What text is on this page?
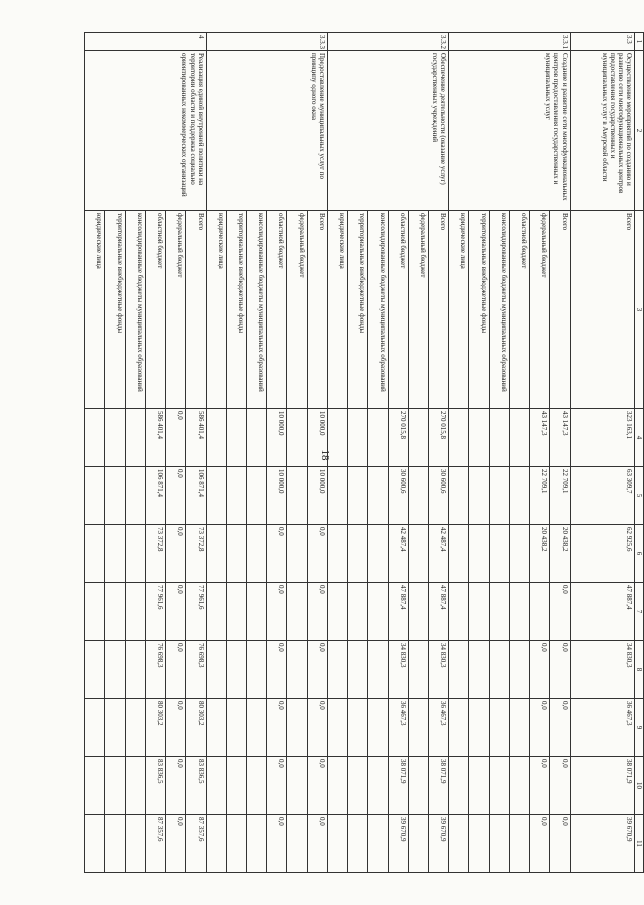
18
1	2	3	4	5	6	7	8	9	10	11
3.3	Осуществление мероприятий по созданию и развитию сети многофункциональных центров предоставления государственных и муниципальных услуг в Амурской области	Всего	323 163,1	63 309,7	62 925,6	47 887,4	34 830,3	36 467,3	38 071,9	39 670,9
3.3.1	Создание и развитие сети многофункциональных центров предоставления государственных и муниципальных услуг	Всего	43 147,3	22 709,1	20 438,2	0,0	0,0	0,0	0,0	0,0
		федеральный бюджет	43 147,3	22 709,1	20 438,2		0,0	0,0	0,0	0,0
		областной бюджет								
		консолидированные бюджеты муниципальных образований								
		территориальные внебюджетные фонды								
		юридические лица								
3.3.2	Обеспечение деятельности (оказание услуг) государственных учреждений	Всего	270 015,8	30 600,6	42 487,4	47 887,4	34 830,3	36 467,3	38 071,9	39 670,9
		федеральный бюджет								
		областной бюджет	270 015,8	30 600,6	42 487,4	47 887,4	34 830,3	36 467,3	38 071,9	39 670,9
		консолидированные бюджеты муниципальных образований								
		территориальные внебюджетные фонды								
		юридические лица								
3.3.3	Предоставление муниципальных услуг по принципу одного окна	Всего	10 000,0	10 000,0	0,0	0,0	0,0	0,0	0,0	0,0
		федеральный бюджет								
		областной бюджет	10 000,0	10 000,0	0,0	0,0	0,0	0,0	0,0	0,0
		консолидированные бюджеты муниципальных образований								
		территориальные внебюджетные фонды								
		юридические лица								
4	Реализация единой внутренней политики на территории области и поддержка социально ориентированных некоммерческих организаций	Всего	586 401,4	106 871,4	73 372,8	77 961,6	76 698,3	80 303,2	83 836,5	87 357,6
		федеральный бюджет	0,0	0,0	0,0	0,0	0,0	0,0	0,0	0,0
		областной бюджет	586 401,4	106 871,4	73 372,8	77 961,6	76 698,3	80 303,2	83 836,5	87 357,6
		консолидированные бюджеты муниципальных образований								
		территориальные внебюджетные фонды								
		юридические лица								
